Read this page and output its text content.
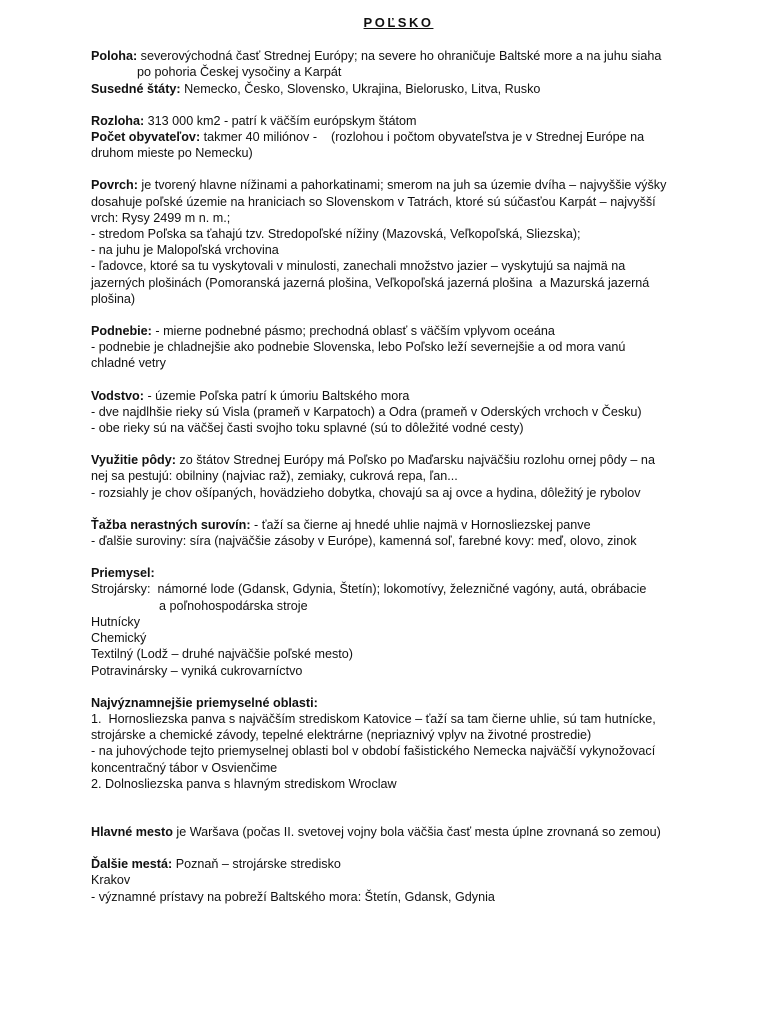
POĽSKO

Poloha: severovýchodná časť Strednej Európy; na severe ho ohraničuje Baltské more a na juhu siaha

po pohoria Českej vysočiny a Karpát

Susedné štáty: Nemecko, Česko, Slovensko, Ukrajina, Bielorusko, Litva, Rusko

Rozloha: 313 000 km2 - patrí k väčším európskym štátom

Počet obyvateľov: takmer 40 miliónov -    (rozlohou i počtom obyvateľstva je v Strednej Európe na

druhom mieste po Nemecku)

Povrch: je tvorený hlavne nížinami a pahorkatinami; smerom na juh sa územie dvíha – najvyššie výšky

dosahuje poľské územie na hraniciach so Slovenskom v Tatrách, ktoré sú súčasťou Karpát – najvyšší

vrch: Rysy 2499 m n. m.;

- stredom Poľska sa ťahajú tzv. Stredopoľské nížiny (Mazovská, Veľkopoľská, Sliezska);

- na juhu je Malopoľská vrchovina

- ľadovce, ktoré sa tu vyskytovali v minulosti, zanechali množstvo jazier – vyskytujú sa najmä na

jazerných plošinách (Pomoranská jazerná plošina, Veľkopoľská jazerná plošina  a Mazurská jazerná

plošina)

Podnebie: - mierne podnebné pásmo; prechodná oblasť s väčším vplyvom oceána

- podnebie je chladnejšie ako podnebie Slovenska, lebo Poľsko leží severnejšie a od mora vanú

chladné vetry

Vodstvo: - územie Poľska patrí k úmoriu Baltského mora

- dve najdlhšie rieky sú Visla (prameň v Karpatoch) a Odra (prameň v Oderských vrchoch v Česku)

- obe rieky sú na väčšej časti svojho toku splavné (sú to dôležité vodné cesty)

Využitie pôdy: zo štátov Strednej Európy má Poľsko po Maďarsku najväčšiu rozlohu ornej pôdy – na

nej sa pestujú: obilniny (najviac raž), zemiaky, cukrová repa, ľan...

- rozsiahly je chov ošípaných, hovädzieho dobytka, chovajú sa aj ovce a hydina, dôležitý je rybolov

Ťažba nerastných surovín: - ťaží sa čierne aj hnedé uhlie najmä v Hornosliezskej panve

- ďalšie suroviny: síra (najväčšie zásoby v Európe), kamenná soľ, farebné kovy: meď, olovo, zinok

Priemysel:

Strojársky:  námorné lode (Gdansk, Gdynia, Štetín); lokomotívy, železničné vagóny, autá, obrábacie

a poľnohospodárska stroje

Hutnícky

Chemický

Textilný (Lodž – druhé najväčšie poľské mesto)

Potravinársky – vyniká cukrovarníctvo

Najvýznamnejšie priemyselné oblasti:

1.  Hornosliezska panva s najväčším strediskom Katovice – ťaží sa tam čierne uhlie, sú tam hutnícke,

strojárske a chemické závody, tepelné elektrárne (nepriaznivý vplyv na životné prostredie)

- na juhovýchode tejto priemyselnej oblasti bol v období fašistického Nemecka najväčší vykynožovací

koncentračný tábor v Osvienčime

2. Dolnosliezska panva s hlavným strediskom Wroclaw

Hlavné mesto je Waršava (počas II. svetovej vojny bola väčšia časť mesta úplne zrovnaná so zemou)

Ďalšie mestá: Poznaň – strojárske stredisko

Krakov

- významné prístavy na pobreží Baltského mora: Štetín, Gdansk, Gdynia
